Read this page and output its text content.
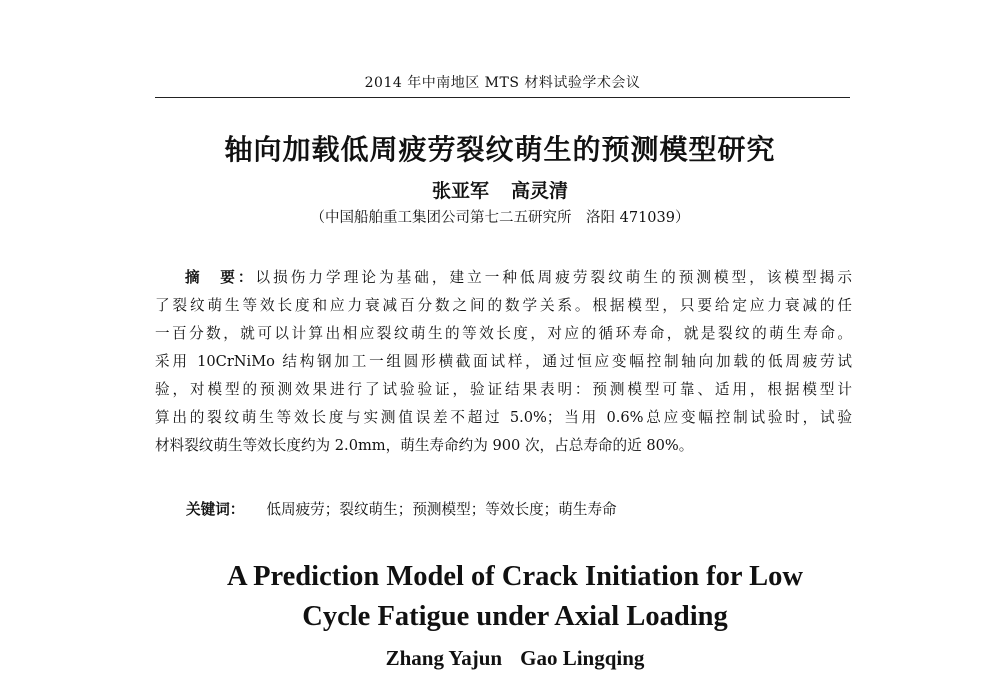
2014 年中南地区 MTS 材料试验学术会议
轴向加载低周疲劳裂纹萌生的预测模型研究
张亚军 高灵清
（中国船舶重工集团公司第七二五研究所　洛阳 471039）
摘　要：以损伤力学理论为基础，建立一种低周疲劳裂纹萌生的预测模型，该模型揭示
了裂纹萌生等效长度和应力衰减百分数之间的数学关系。根据模型，只要给定应力衰减的任
一百分数，就可以计算出相应裂纹萌生的等效长度，对应的循环寿命，就是裂纹的萌生寿命。
采用 10CrNiMo 结构钢加工一组圆形横截面试样，通过恒应变幅控制轴向加载的低周疲劳试
验，对模型的预测效果进行了试验验证，验证结果表明：预测模型可靠、适用，根据模型计
算出的裂纹萌生等效长度与实测值误差不超过 5.0%；当用 0.6%总应变幅控制试验时，试验
材料裂纹萌生等效长度约为 2.0mm，萌生寿命约为 900 次，占总寿命的近 80%。
关键词： 低周疲劳；裂纹萌生；预测模型；等效长度；萌生寿命
A Prediction Model of Crack Initiation for Low
Cycle Fatigue under Axial Loading
Zhang Yajun Gao Lingqing
